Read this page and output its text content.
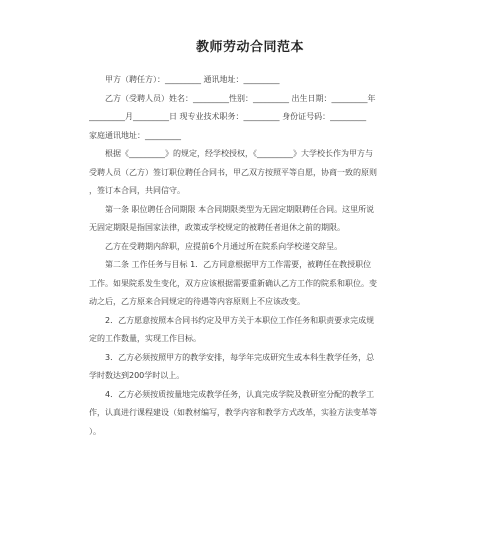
教师劳动合同范本
甲方（聘任方）：_________ 通讯地址：_________
乙方（受聘人员）姓名：_________性别：_________ 出生日期：_________年
_________月_________日 现专业技术职务：_________ 身份证号码：_________
家庭通讯地址：_________
根据《_________》的规定，经学校授权，《_________》大学校长作为甲方与
受聘人员（乙方）签订职位聘任合同书，甲乙双方按照平等自愿，协商一致的原则
，签订本合同，共同信守。
第一条 职位聘任合同期限 本合同期限类型为无固定期限聘任合同。这里所说
无固定期限是指国家法律，政策或学校规定的被聘任者退休之前的期限。
乙方在受聘期内辞职，应提前6个月通过所在院系向学校递交辞呈。
第二条 工作任务与目标 1．乙方同意根据甲方工作需要，被聘任在教授职位
工作。如果院系发生变化，双方应该根据需要重新确认乙方工作的院系和职位。变
动之后，乙方原来合同规定的待遇等内容原则上不应该改变。
2．乙方愿意按照本合同书约定及甲方关于本职位工作任务和职责要求完成规
定的工作数量，实现工作目标。
3．乙方必须按照甲方的教学安排，每学年完成研究生或本科生教学任务，总
学时数达到200学时以上。
4．乙方必须按质按量地完成教学任务，认真完成学院及教研室分配的教学工
作，认真进行课程建设（如教材编写，教学内容和教学方式改革，实验方法变革等
）。
